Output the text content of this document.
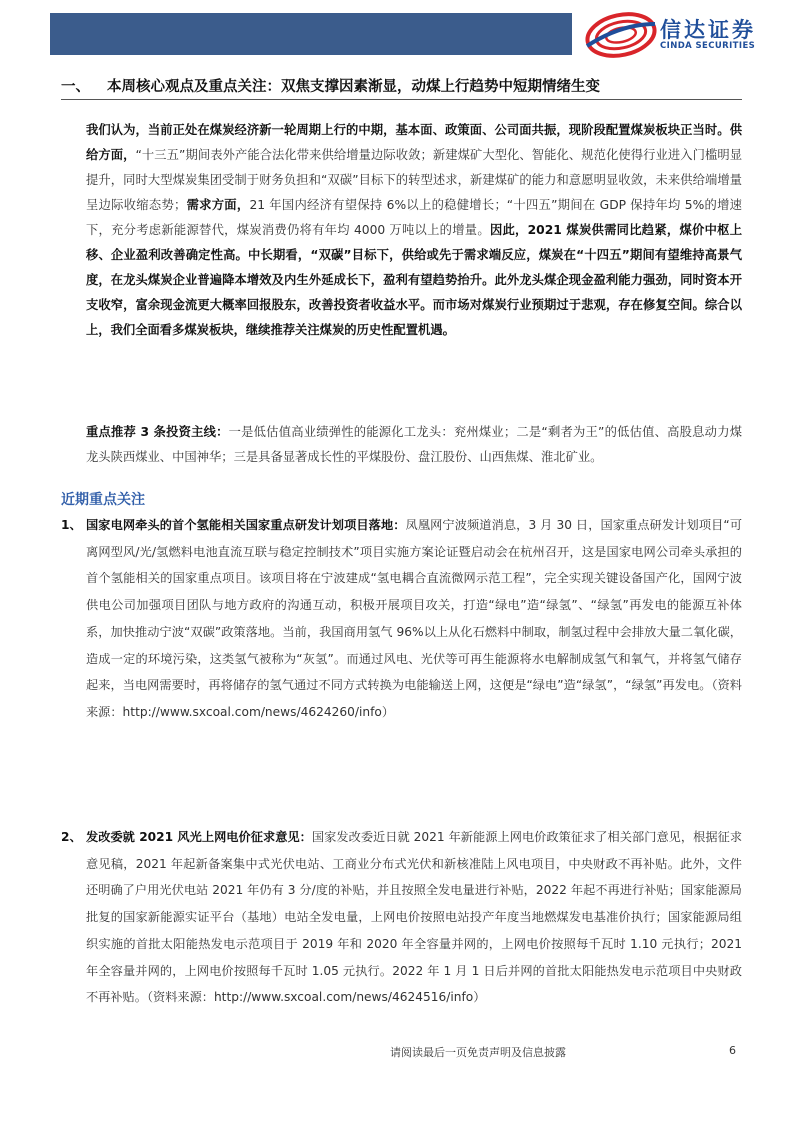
信达证券
CINDA SECURITIES
一、 本周核心观点及重点关注：双焦支撑因素渐显，动煤上行趋势中短期情绪生变

我们认为，当前正处在煤炭经济新一轮周期上行的中期，基本面、政策面、公司面共振，现阶段配置煤炭板块正当时。供给方面，“十三五”期间表外产能合法化带来供给增量边际收敛；新建煤矿大型化、智能化、规范化使得行业进入门槛明显提升，同时大型煤炭集团受制于财务负担和“双碳”目标下的转型述求，新建煤矿的能力和意愿明显收敛，未来供给端增量呈边际收缩态势；需求方面，21 年国内经济有望保持 6%以上的稳健增长；“十四五”期间在 GDP 保持年均 5%的增速下，充分考虑新能源替代，煤炭消费仍将有年均 4000 万吨以上的增量。因此，2021 煤炭供需同比趋紧，煤价中枢上移、企业盈利改善确定性高。中长期看，“双碳”目标下，供给或先于需求端反应，煤炭在“十四五”期间有望维持高景气度，在龙头煤炭企业普遍降本增效及内生外延成长下，盈利有望趋势抬升。此外龙头煤企现金盈利能力强劲，同时资本开支收窄，富余现金流更大概率回报股东，改善投资者收益水平。而市场对煤炭行业预期过于悲观，存在修复空间。综合以上，我们全面看多煤炭板块，继续推荐关注煤炭的历史性配置机遇。

重点推荐 3 条投资主线：一是低估值高业绩弹性的能源化工龙头：兖州煤业；二是“剩者为王”的低估值、高股息动力煤龙头陕西煤业、中国神华；三是具备显著成长性的平煤股份、盘江股份、山西焦煤、淮北矿业。

近期重点关注
1、 国家电网牵头的首个氢能相关国家重点研发计划项目落地：凤凰网宁波频道消息，3 月 30 日，国家重点研发计划项目“可离网型风/光/氢燃料电池直流互联与稳定控制技术”项目实施方案论证暨启动会在杭州召开，这是国家电网公司牵头承担的首个氢能相关的国家重点项目。该项目将在宁波建成“氢电耦合直流微网示范工程”，完全实现关键设备国产化，国网宁波供电公司加强项目团队与地方政府的沟通互动，积极开展项目攻关，打造“绿电”造“绿氢”、“绿氢”再发电的能源互补体系，加快推动宁波“双碳”政策落地。当前，我国商用氢气 96%以上从化石燃料中制取，制氢过程中会排放大量二氧化碳，造成一定的环境污染，这类氢气被称为“灰氢”。而通过风电、光伏等可再生能源将水电解制成氢气和氧气，并将氢气储存起来，当电网需要时，再将储存的氢气通过不同方式转换为电能输送上网，这便是“绿电”造“绿氢”，“绿氢”再发电。（资料来源：http://www.sxcoal.com/news/4624260/info）
2、 发改委就 2021 风光上网电价征求意见：国家发改委近日就 2021 年新能源上网电价政策征求了相关部门意见，根据征求意见稿，2021 年起新备案集中式光伏电站、工商业分布式光伏和新核准陆上风电项目，中央财政不再补贴。此外，文件还明确了户用光伏电站 2021 年仍有 3 分/度的补贴，并且按照全发电量进行补贴，2022 年起不再进行补贴；国家能源局批复的国家新能源实证平台（基地）电站全发电量，上网电价按照电站投产年度当地燃煤发电基准价执行；国家能源局组织实施的首批太阳能热发电示范项目于 2019 年和 2020 年全容量并网的，上网电价按照每千瓦时 1.10 元执行；2021 年全容量并网的，上网电价按照每千瓦时 1.05 元执行。2022 年 1 月 1 日后并网的首批太阳能热发电示范项目中央财政不再补贴。（资料来源：http://www.sxcoal.com/news/4624516/info）
请阅读最后一页免责声明及信息披露	6
